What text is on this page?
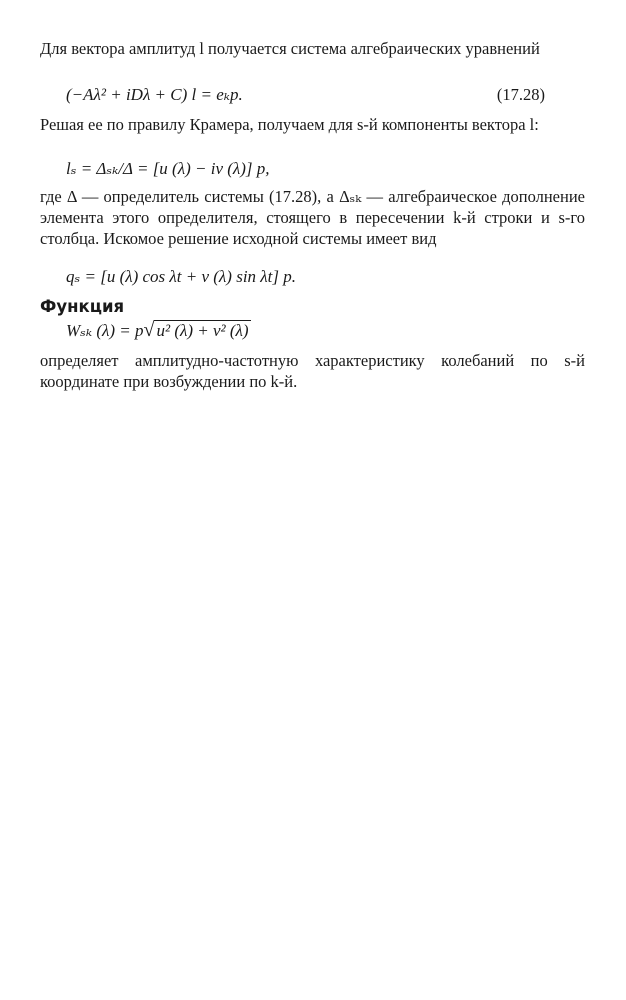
Для вектора амплитуд l получается система алгебраических уравнений
(−Aλ² + iDλ + C) l = eₖp.	(17.28)
Решая ее по правилу Крамера, получаем для s-й компоненты вектора l:
lₛ = Δₛₖ/Δ = [u (λ) − iv (λ)] p,
где Δ — определитель системы (17.28), а Δₛₖ — алгебраическое дополнение элемента этого определителя, стоящего в пересечении k-й строки и s-го столбца. Искомое решение исходной системы имеет вид
qₛ = [u (λ) cos λt + v (λ) sin λt] p.
Функция
Wₛₖ (λ) = p√ u² (λ) + v² (λ)
определяет амплитудно-частотную характеристику колебаний по s-й координате при возбуждении по k-й.
